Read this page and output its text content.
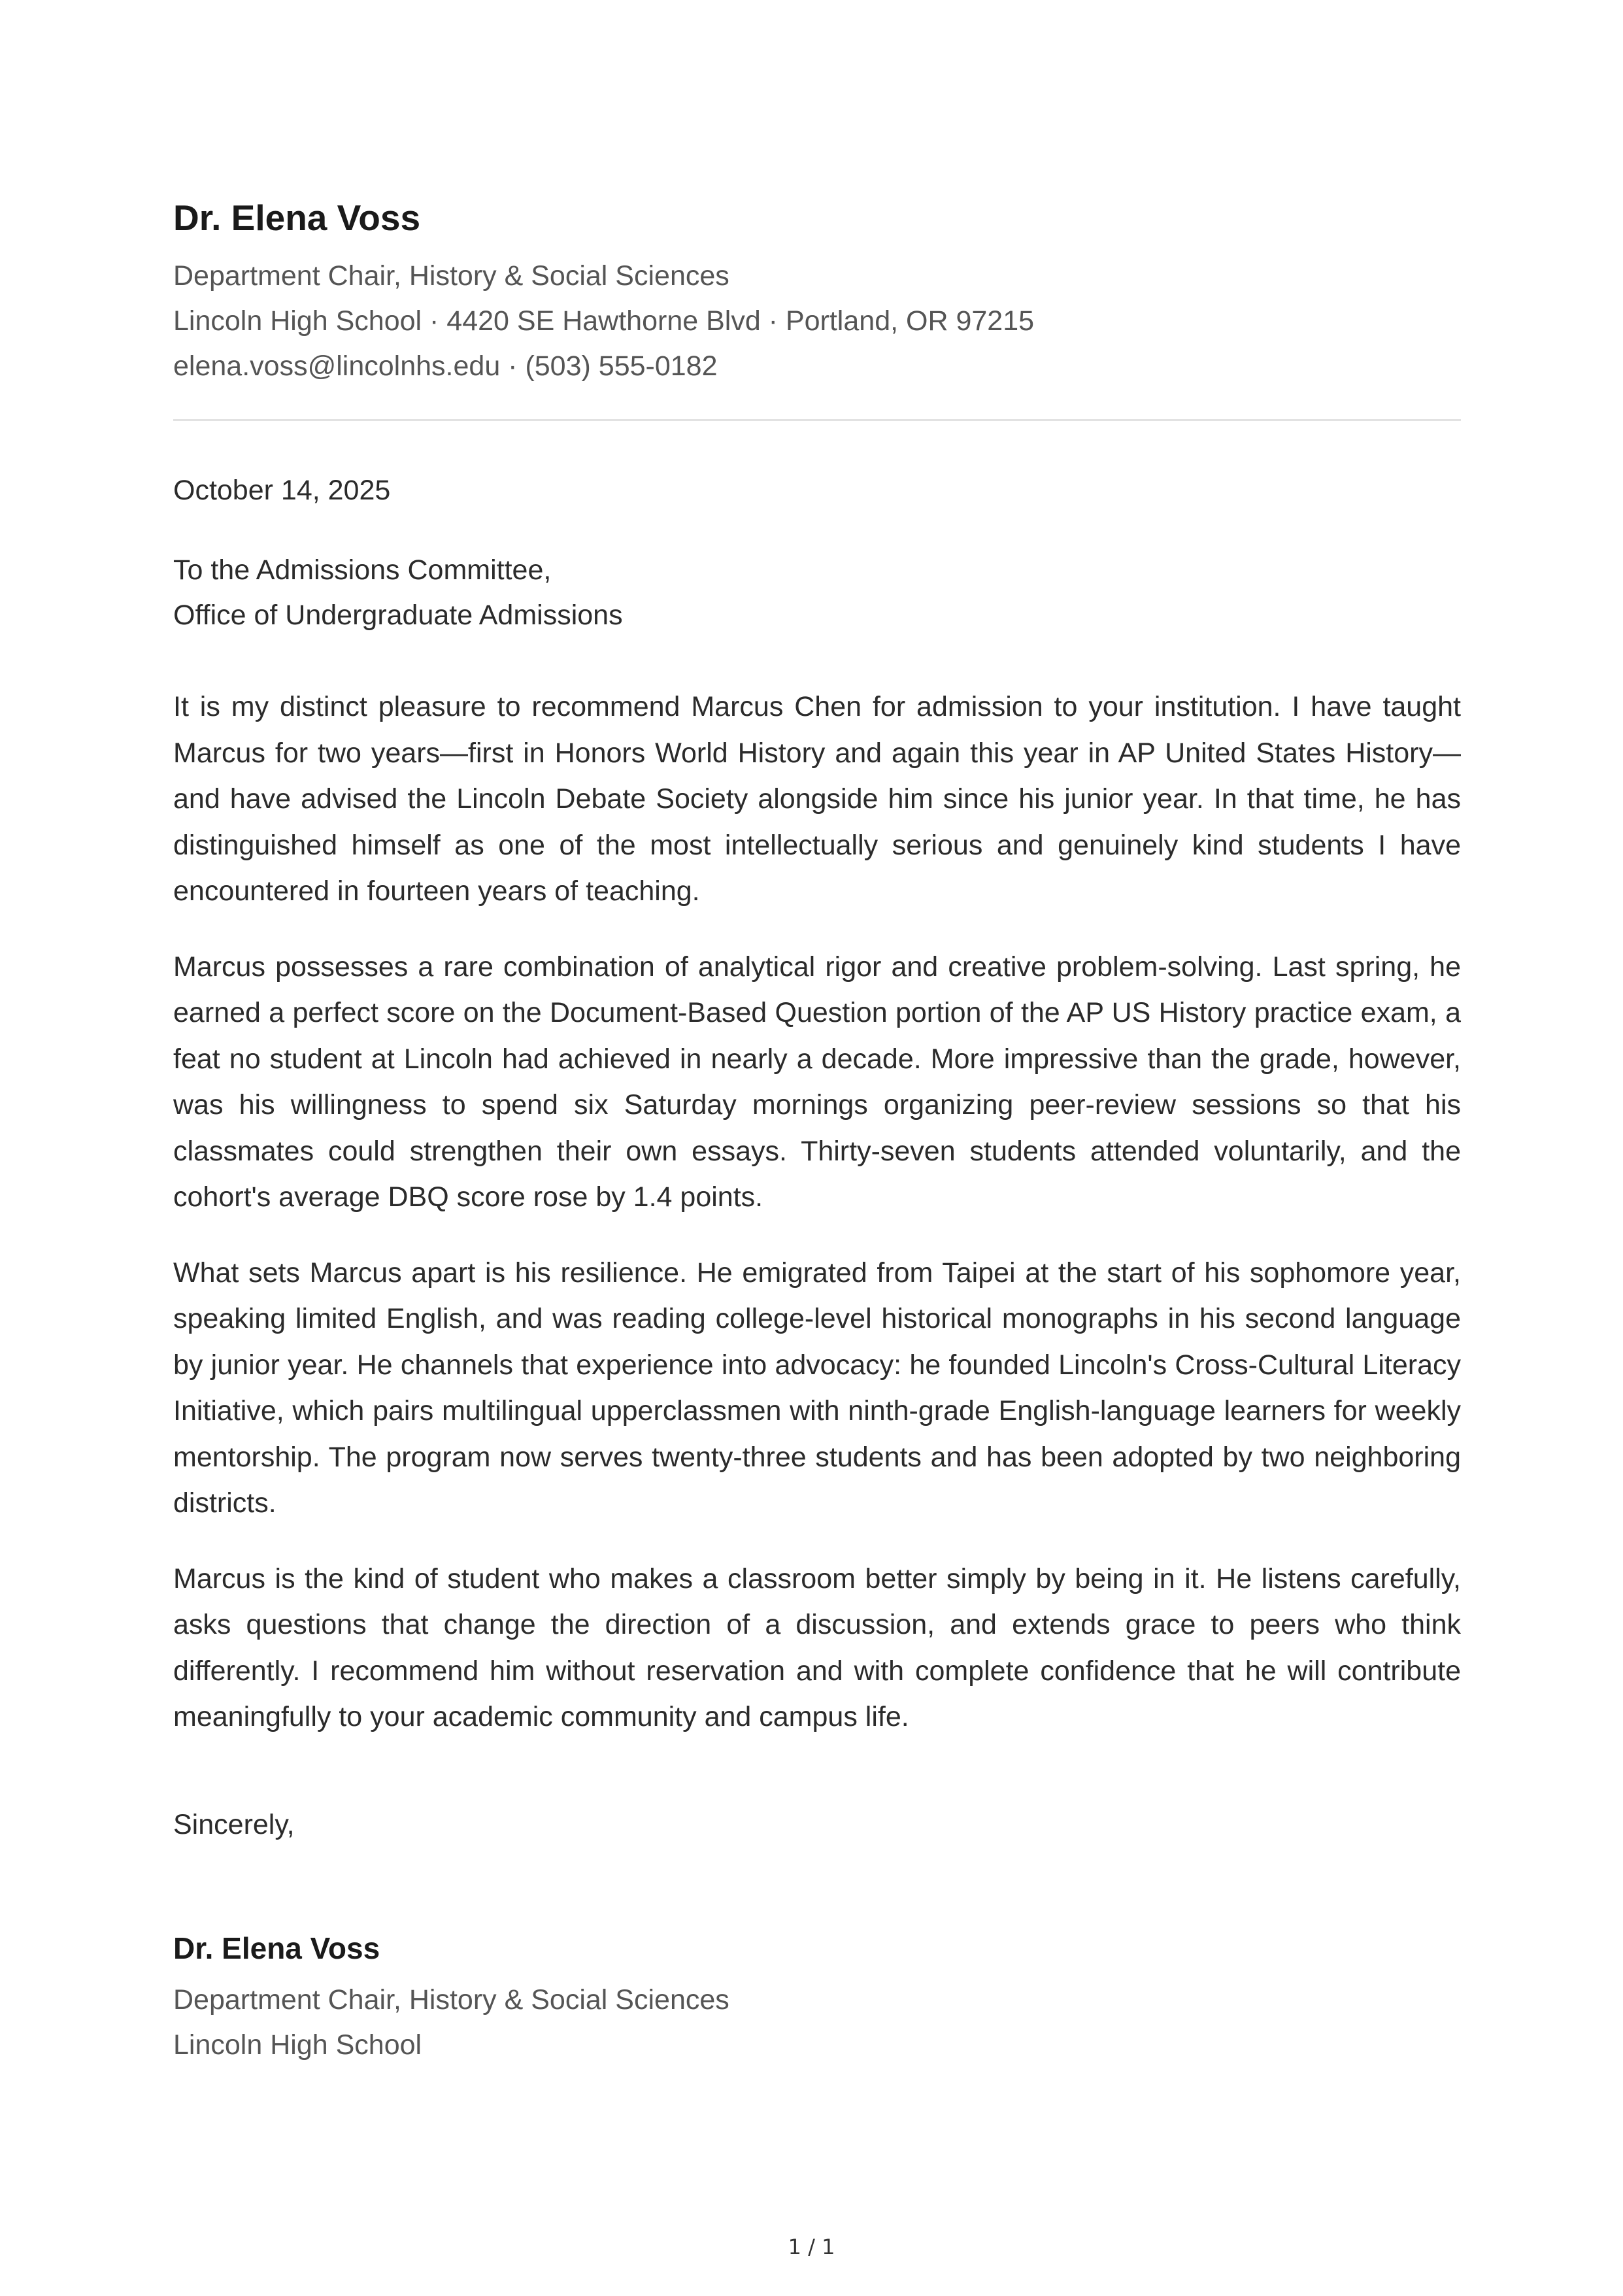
Dr. Elena Voss
Department Chair, History & Social Sciences
Lincoln High School · 4420 SE Hawthorne Blvd · Portland, OR 97215
elena.voss@lincolnhs.edu · (503) 555-0182
October 14, 2025
To the Admissions Committee,
Office of Undergraduate Admissions

It is my distinct pleasure to recommend Marcus Chen for admission to your institution. I have taught Marcus for two years—first in Honors World History and again this year in AP United States History—and have advised the Lincoln Debate Society alongside him since his junior year. In that time, he has distinguished himself as one of the most intellectually serious and genuinely kind students I have encountered in fourteen years of teaching.

Marcus possesses a rare combination of analytical rigor and creative problem-solving. Last spring, he earned a perfect score on the Document-Based Question portion of the AP US History practice exam, a feat no student at Lincoln had achieved in nearly a decade. More impressive than the grade, however, was his willingness to spend six Saturday mornings organizing peer-review sessions so that his classmates could strengthen their own essays. Thirty-seven students attended voluntarily, and the cohort's average DBQ score rose by 1.4 points.

What sets Marcus apart is his resilience. He emigrated from Taipei at the start of his sophomore year, speaking limited English, and was reading college-level historical monographs in his second language by junior year. He channels that experience into advocacy: he founded Lincoln's Cross-Cultural Literacy Initiative, which pairs multilingual upperclassmen with ninth-grade English-language learners for weekly mentorship. The program now serves twenty-three students and has been adopted by two neighboring districts.

Marcus is the kind of student who makes a classroom better simply by being in it. He listens carefully, asks questions that change the direction of a discussion, and extends grace to peers who think differently. I recommend him without reservation and with complete confidence that he will contribute meaningfully to your academic community and campus life.

Sincerely,
Dr. Elena Voss
Department Chair, History & Social Sciences
Lincoln High School
1 / 1
